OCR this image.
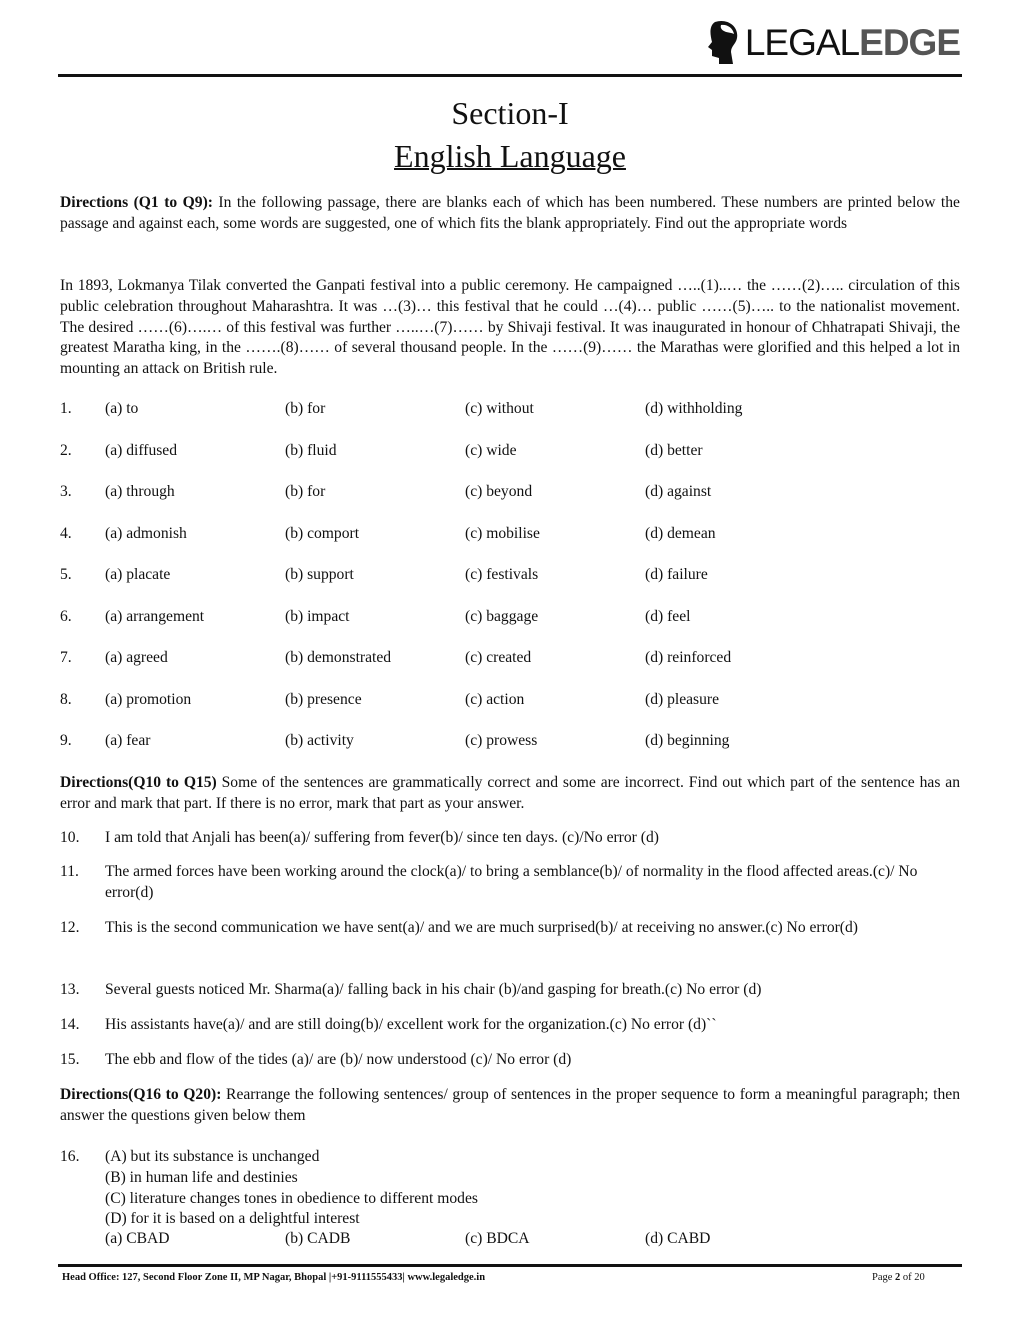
LEGALEDGE
Section-I
English Language
Directions (Q1 to Q9): In the following passage, there are blanks each of which has been numbered. These numbers are printed below the passage and against each, some words are suggested, one of which fits the blank appropriately. Find out the appropriate words
In 1893, Lokmanya Tilak converted the Ganpati festival into a public ceremony. He campaigned …..(1)..… the ……(2)….. circulation of this public celebration throughout Maharashtra. It was …(3)… this festival that he could …(4)… public ……(5)….. to the nationalist movement. The desired ……(6)….… of this festival was further …..…(7)…… by Shivaji festival. It was inaugurated in honour of Chhatrapati Shivaji, the greatest Maratha king, in the …….(8)…… of several thousand people. In the ……(9)…… the Marathas were glorified and this helped a lot in mounting an attack on British rule.
1. (a) to	(b) for	(c) without	(d) withholding
2. (a) diffused	(b) fluid	(c) wide	(d) better
3. (a) through	(b) for	(c) beyond	(d) against
4. (a) admonish	(b) comport	(c) mobilise	(d) demean
5. (a) placate	(b) support	(c) festivals	(d) failure
6. (a) arrangement	(b) impact	(c) baggage	(d) feel
7. (a) agreed	(b) demonstrated	(c) created	(d) reinforced
8. (a) promotion	(b) presence	(c) action	(d) pleasure
9. (a) fear	(b) activity	(c) prowess	(d) beginning
Directions(Q10 to Q15) Some of the sentences are grammatically correct and some are incorrect. Find out which part of the sentence has an error and mark that part. If there is no error, mark that part as your answer.
10. I am told that Anjali has been(a)/ suffering from fever(b)/ since ten days. (c)/No error (d)
11. The armed forces have been working around the clock(a)/ to bring a semblance(b)/ of normality in the flood affected areas.(c)/ No error(d)
12. This is the second communication we have sent(a)/ and we are much surprised(b)/ at receiving no answer.(c) No error(d)
13. Several guests noticed Mr. Sharma(a)/ falling back in his chair (b)/and gasping for breath.(c) No error (d)
14. His assistants have(a)/ and are still doing(b)/ excellent work for the organization.(c) No error (d)``
15. The ebb and flow of the tides (a)/ are (b)/ now understood (c)/ No error (d)
Directions(Q16 to Q20): Rearrange the following sentences/ group of sentences in the proper sequence to form a meaningful paragraph; then answer the questions given below them
16. (A) but its substance is unchanged
(B) in human life and destinies
(C) literature changes tones in obedience to different modes
(D) for it is based on a delightful interest
(a) CBAD	(b) CADB	(c) BDCA	(d) CABD
Head Office: 127, Second Floor Zone II, MP Nagar, Bhopal |+91-9111555433| www.legaledge.in	Page 2 of 20
